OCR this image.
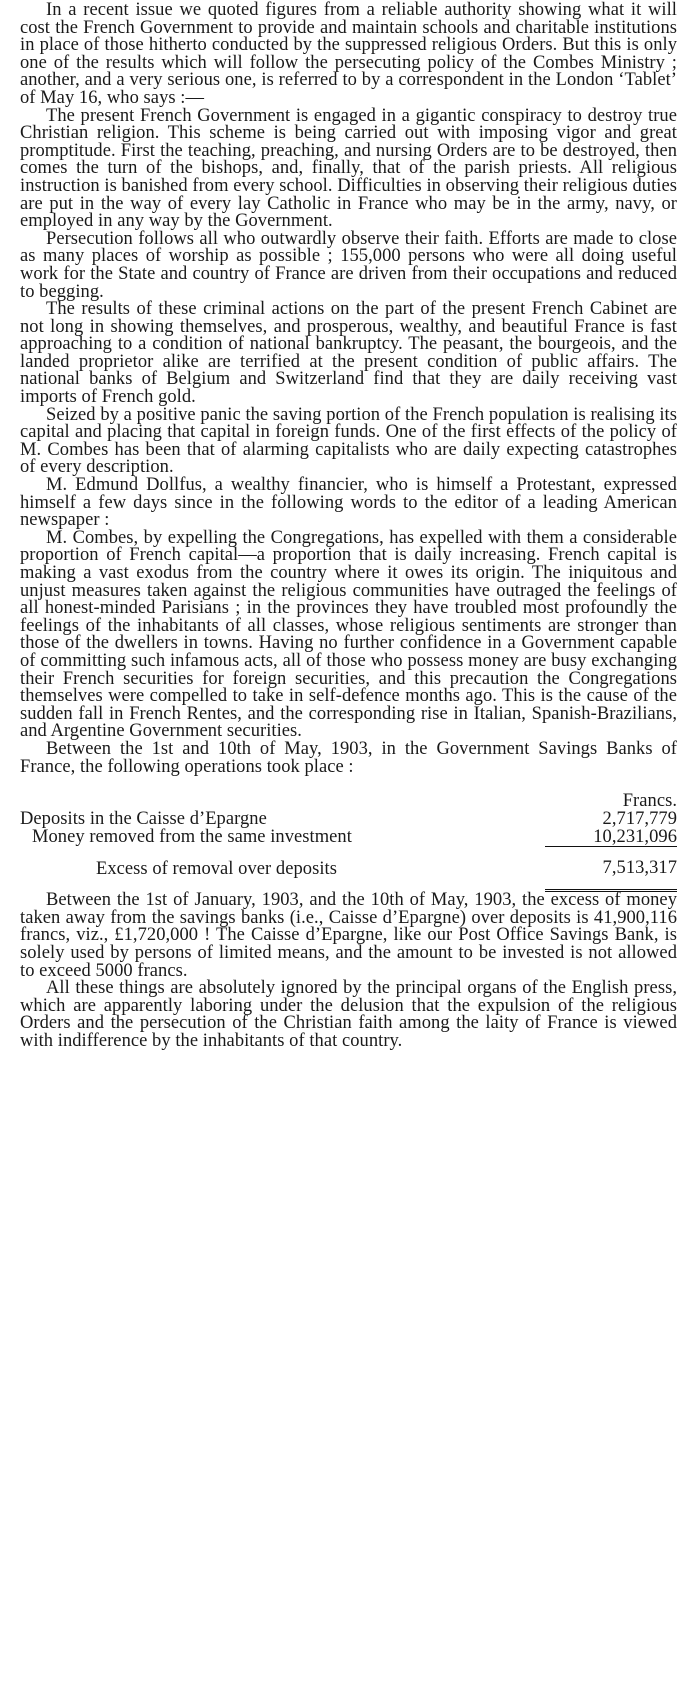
In a recent issue we quoted figures from a reliable authority showing what it will cost the French Government to provide and maintain schools and charitable institutions in place of those hitherto conducted by the suppressed religious Orders. But this is only one of the results which will follow the persecuting policy of the Combes Ministry ; another, and a very serious one, is referred to by a correspondent in the London ‘Tablet’ of May 16, who says :—

The present French Government is engaged in a gigantic conspiracy to destroy true Christian religion. This scheme is being carried out with imposing vigor and great promptitude. First the teaching, preaching, and nursing Orders are to be destroyed, then comes the turn of the bishops, and, finally, that of the parish priests. All religious instruction is banished from every school. Difficulties in observing their religious duties are put in the way of every lay Catholic in France who may be in the army, navy, or employed in any way by the Government.

Persecution follows all who outwardly observe their faith. Efforts are made to close as many places of worship as possible ; 155,000 persons who were all doing useful work for the State and country of France are driven from their occupations and reduced to begging.

The results of these criminal actions on the part of the present French Cabinet are not long in showing themselves, and prosperous, wealthy, and beautiful France is fast approaching to a condition of national bankruptcy. The peasant, the bourgeois, and the landed proprietor alike are terrified at the present condition of public affairs. The national banks of Belgium and Switzerland find that they are daily receiving vast imports of French gold.

Seized by a positive panic the saving portion of the French population is realising its capital and placing that capital in foreign funds. One of the first effects of the policy of M. Combes has been that of alarming capitalists who are daily expecting catastrophes of every description.

M. Edmund Dollfus, a wealthy financier, who is himself a Protestant, expressed himself a few days since in the following words to the editor of a leading American newspaper :

M. Combes, by expelling the Congregations, has expelled with them a considerable proportion of French capital—a proportion that is daily increasing. French capital is making a vast exodus from the country where it owes its origin. The iniquitous and unjust measures taken against the religious communities have outraged the feelings of all honest-minded Parisians ; in the provinces they have troubled most profoundly the feelings of the inhabitants of all classes, whose religious sentiments are stronger than those of the dwellers in towns. Having no further confidence in a Government capable of committing such infamous acts, all of those who possess money are busy exchanging their French securities for foreign securities, and this precaution the Congregations themselves were compelled to take in self-defence months ago. This is the cause of the sudden fall in French Rentes, and the corresponding rise in Italian, Spanish-Brazilians, and Argentine Government securities.

Between the 1st and 10th of May, 1903, in the Government Savings Banks of France, the following operations took place :

	Francs.
Deposits in the Caisse d’Epargne	2,717,779
Money removed from the same investment	10,231,096
Excess of removal over deposits	7,513,317

Between the 1st of January, 1903, and the 10th of May, 1903, the excess of money taken away from the savings banks (i.e., Caisse d’Epargne) over deposits is 41,900,116 francs, viz., £1,720,000 ! The Caisse d’Epargne, like our Post Office Savings Bank, is solely used by persons of limited means, and the amount to be invested is not allowed to exceed 5000 francs.

All these things are absolutely ignored by the principal organs of the English press, which are apparently laboring under the delusion that the expulsion of the religious Orders and the persecution of the Christian faith among the laity of France is viewed with indifference by the inhabitants of that country.
